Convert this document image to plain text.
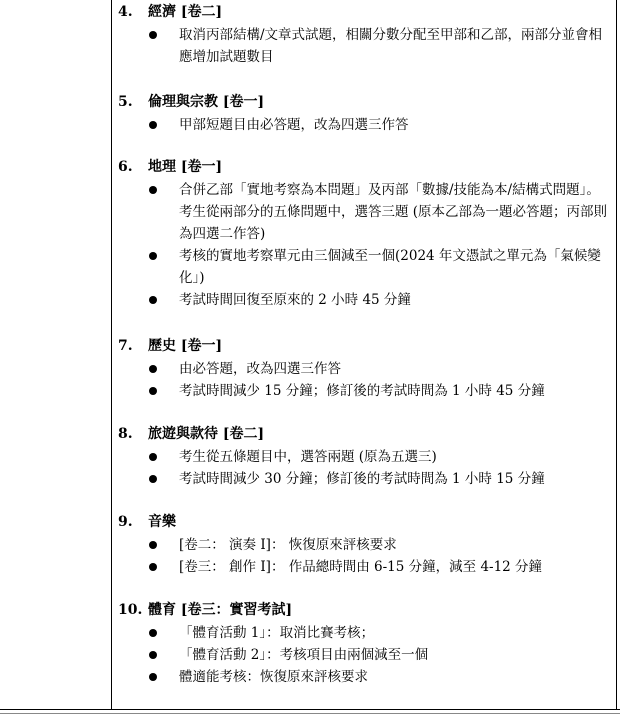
4. 經濟 [卷二]
取消丙部結構/文章式試題，相關分數分配至甲部和乙部，兩部分並會相應增加試題數目
5. 倫理與宗教 [卷一]
甲部短題目由必答題，改為四選三作答
6. 地理 [卷一]
合併乙部「實地考察為本問題」及丙部「數據/技能為本/結構式問題」。考生從兩部分的五條問題中，選答三題 (原本乙部為一題必答題；丙部則為四選二作答)
考核的實地考察單元由三個減至一個(2024 年文憑試之單元為「氣候變化」)
考試時間回復至原來的 2 小時 45 分鐘
7. 歷史 [卷一]
由必答題，改為四選三作答
考試時間減少 15 分鐘；修訂後的考試時間為 1 小時 45 分鐘
8. 旅遊與款待 [卷二]
考生從五條題目中，選答兩題 (原為五選三)
考試時間減少 30 分鐘；修訂後的考試時間為 1 小時 15 分鐘
9. 音樂
[卷二： 演奏 I]： 恢復原來評核要求
[卷三： 創作 I]： 作品總時間由 6-15 分鐘，減至 4-12 分鐘
10. 體育 [卷三：實習考試]
「體育活動 1」：取消比賽考核；
「體育活動 2」：考核項目由兩個減至一個
體適能考核：恢復原來評核要求
